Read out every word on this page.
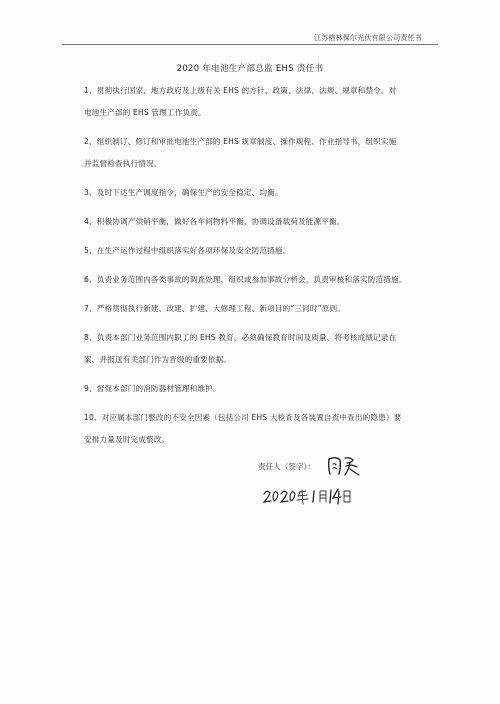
江苏格林保尔光伏有限公司责任书
2020 年电池生产部总监 EHS 责任书
1、贯彻执行国家、地方政府及上级有关 EHS 的方针、政策、法律、法规、规章和禁令。对
电池生产部的 EHS 管理工作负责。
2、组织制订、修订和审批电池生产部的 EHS 规章制度、操作规程、作业指导书，组织实施
并监督检查执行情况。
3、及时下达生产调度指令，确保生产的安全稳定、均衡。
4、积极协调产供销平衡，做好各车间物料平衡，协调设备载荷及能源平衡。
5、在生产运作过程中组织落实好各项环保及安全防范措施。
6、负责业务范围内各类事故的调查处理，组织或参加事故分析会，负责审核和落实防范措施。
7、严格贯彻执行新建、改建、扩建、大修理工程、新项目的“三同时”原则。
8、负责本部门业务范围内职工的 EHS 教育，必须确保教育时间及质量，将考核成绩记录在
案，并报送有关部门作为晋级的重要依据。
9、督促本部门的消防器材管理和维护。
10、对应属本部门整改的不安全因素（包括公司 EHS 大检查及各装置自查中查出的隐患）要
安排力量及时完成整改。
责任人（签字）：
